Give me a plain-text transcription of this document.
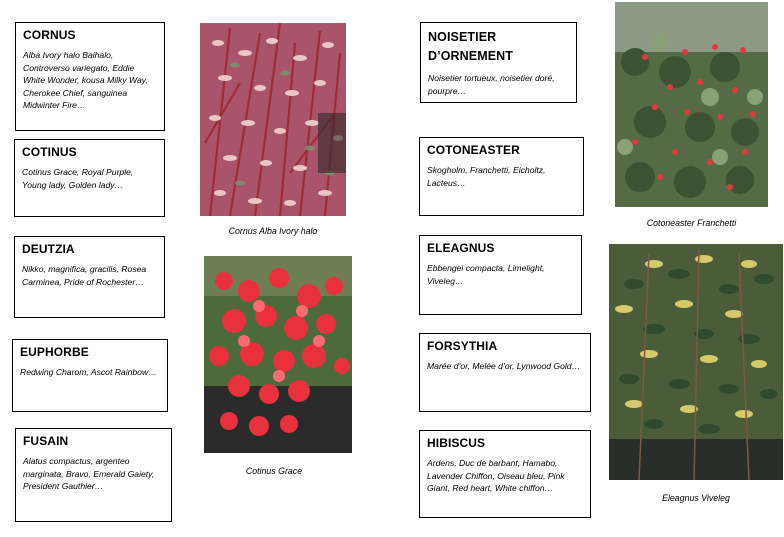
CORNUS

Alba Ivory halo Baihalo, Controverso variegato, Eddie White Wonder, kousa Milky Way, Cherokee Chief, sanguinea Midwinter Fire…

COTINUS

Cotinus Grace, Royal Purple, Young lady, Golden lady…

DEUTZIA

Nikko, magnifica, gracilis, Rosea Carminea, Pride of Rochester…

EUPHORBE

Redwing Charom, Ascot Rainbow…

FUSAIN

Alatus compactus, argenteo marginata, Bravo, Emerald Gaiety, President Gauthier…

NOISETIER D’ORNEMENT

Noisetier tortueux, noisetier doré, pourpre…

COTONEASTER

Skogholm, Franchetti, Eicholtz, Lacteus…

ELEAGNUS

Ebbengei compacta, Limelight, Viveleg…

FORSYTHIA

Marée d’or, Melée d’or, Lynwood Gold…

HIBISCUS

Ardens, Duc de barbant, Hamabo, Lavender Chiffon, Oiseau bleu, Pink Giant, Red heart, White chiffon…

Cornus Alba Ivory halo
Cotinus Grace
Cotoneaster Franchetti
Eleagnus Viveleg
